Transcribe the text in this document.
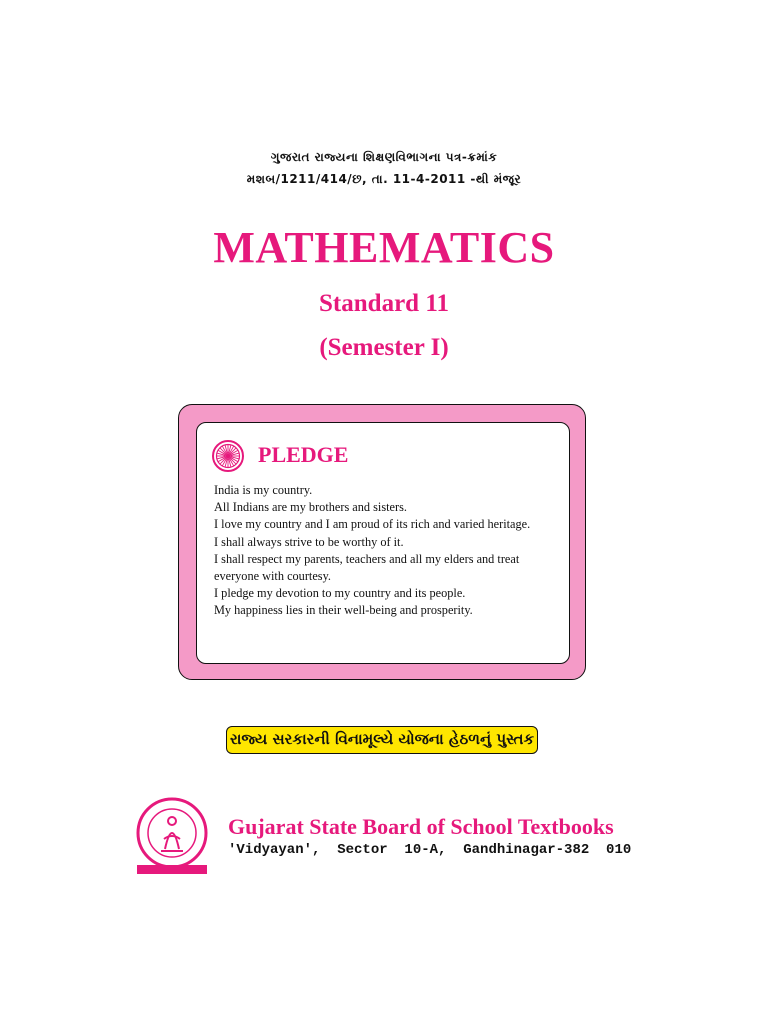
ગુજરાત રાજ્યના શિક્ષણવિભાગના પત્ર-ક્રમાંક
મશબ/1211/414/છ, તા. 11-4-2011 -થી મંજૂર
MATHEMATICS
Standard 11
(Semester I)
PLEDGE
India is my country.
All Indians are my brothers and sisters.
I love my country and I am proud of its rich and varied heritage.
I shall always strive to be worthy of it.
I shall respect my parents, teachers and all my elders and treat everyone with courtesy.
I pledge my devotion to my country and its people.
My happiness lies in their well-being and prosperity.
રાજ્ય સરકારની વિનામૂલ્યે યોજના હેઠળનું પુસ્તક
Gujarat State Board of School Textbooks
'Vidyayan',  Sector  10-A,  Gandhinagar-382  010
